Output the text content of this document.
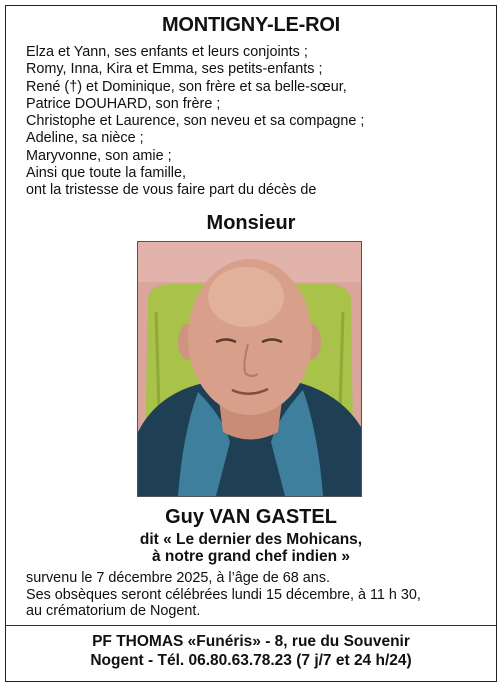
MONTIGNY-LE-ROI
Elza et Yann, ses enfants et leurs conjoints ;
Romy, Inna, Kira et Emma, ses petits-enfants ;
René (†) et Dominique, son frère et sa belle-sœur,
Patrice DOUHARD, son frère ;
Christophe et Laurence, son neveu et sa compagne ;
Adeline, sa nièce ;
Maryvonne, son amie ;
Ainsi que toute la famille,
ont la tristesse de vous faire part du décès de
Monsieur
Guy VAN GASTEL
dit « Le dernier des Mohicans,
à notre grand chef indien »
survenu le 7 décembre 2025, à l’âge de 68 ans.
Ses obsèques seront célébrées lundi 15 décembre, à 11 h 30,
au crématorium de Nogent.
PF THOMAS «Funéris» - 8, rue du Souvenir
Nogent - Tél. 06.80.63.78.23 (7 j/7 et 24 h/24)
